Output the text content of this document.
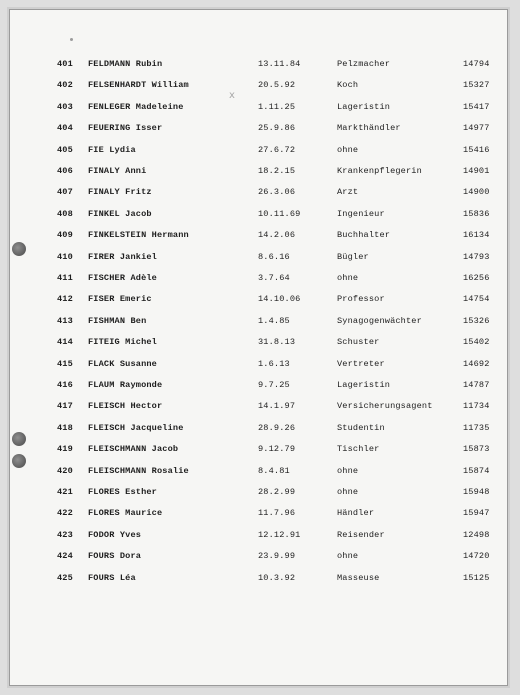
x
401 FELDMANN Rubin	13.11.84	Pelzmacher	14794
402 FELSENHARDT William	20.5.92	Koch	15327
403 FENLEGER Madeleine	1.11.25	Lageristin	15417
404 FEUERING Isser	25.9.86	Markthändler	14977
405 FIE Lydia	27.6.72	ohne	15416
406 FINALY Anni	18.2.15	Krankenpflegerin	14901
407 FINALY Fritz	26.3.06	Arzt	14900
408 FINKEL Jacob	10.11.69	Ingenieur	15836
409 FINKELSTEIN Hermann	14.2.06	Buchhalter	16134
410 FIRER Jankiel	8.6.16	Bügler	14793
411 FISCHER Adèle	3.7.64	ohne	16256
412 FISER Emeric	14.10.06	Professor	14754
413 FISHMAN Ben	1.4.85	Synagogenwächter	15326
414 FITEIG Michel	31.8.13	Schuster	15402
415 FLACK Susanne	1.6.13	Vertreter	14692
416 FLAUM Raymonde	9.7.25	Lageristin	14787
417 FLEISCH Hector	14.1.97	Versicherungsagent	11734
418 FLEISCH Jacqueline	28.9.26	Studentin	11735
419 FLEISCHMANN Jacob	9.12.79	Tischler	15873
420 FLEISCHMANN Rosalie	8.4.81	ohne	15874
421 FLORES Esther	28.2.99	ohne	15948
422 FLORES Maurice	11.7.96	Händler	15947
423 FODOR Yves	12.12.91	Reisender	12498
424 FOURS Dora	23.9.99	ohne	14720
425 FOURS Léa	10.3.92	Masseuse	15125
